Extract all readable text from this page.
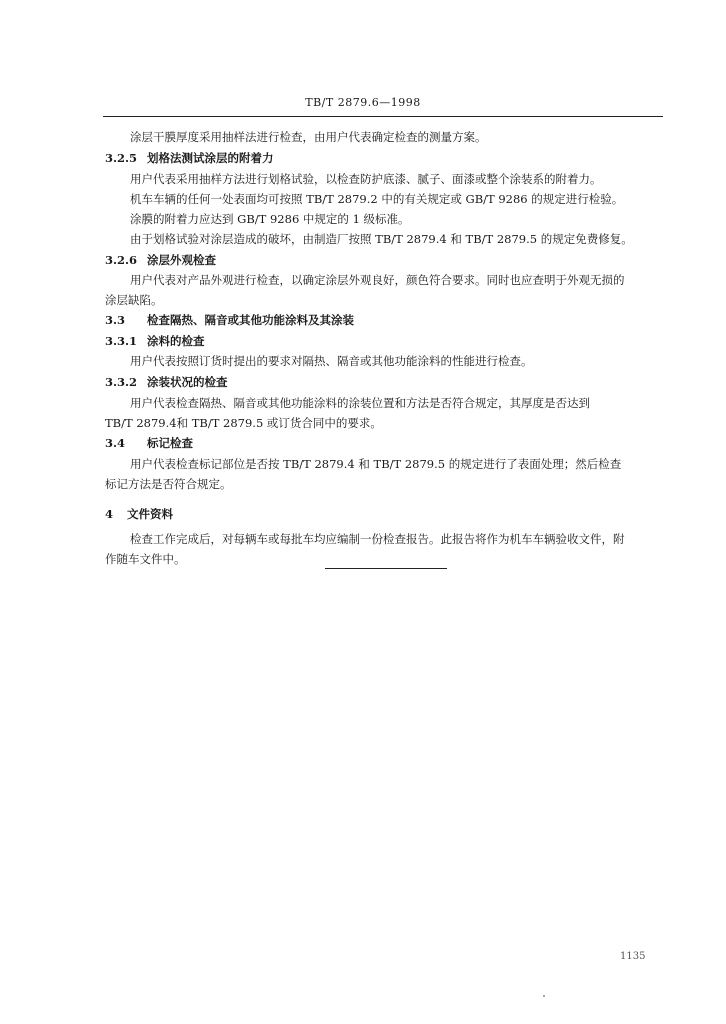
TB/T 2879.6—1998
涂层干膜厚度采用抽样法进行检查，由用户代表确定检查的测量方案。
3.2.5 划格法测试涂层的附着力
用户代表采用抽样方法进行划格试验，以检查防护底漆、腻子、面漆或整个涂装系的附着力。
机车车辆的任何一处表面均可按照 TB/T 2879.2 中的有关规定或 GB/T 9286 的规定进行检验。
涂膜的附着力应达到 GB/T 9286 中规定的 1 级标准。
由于划格试验对涂层造成的破坏，由制造厂按照 TB/T 2879.4 和 TB/T 2879.5 的规定免费修复。
3.2.6 涂层外观检查
用户代表对产品外观进行检查，以确定涂层外观良好，颜色符合要求。同时也应查明于外观无损的
涂层缺陷。
3.3 检查隔热、隔音或其他功能涂料及其涂装
3.3.1 涂料的检查
用户代表按照订货时提出的要求对隔热、隔音或其他功能涂料的性能进行检查。
3.3.2 涂装状况的检查
用户代表检查隔热、隔音或其他功能涂料的涂装位置和方法是否符合规定，其厚度是否达到
TB/T 2879.4和 TB/T 2879.5 或订货合同中的要求。
3.4 标记检查
用户代表检查标记部位是否按 TB/T 2879.4 和 TB/T 2879.5 的规定进行了表面处理；然后检查
标记方法是否符合规定。
4 文件资料
检查工作完成后，对每辆车或每批车均应编制一份检查报告。此报告将作为机车车辆验收文件，附
作随车文件中。
1135
